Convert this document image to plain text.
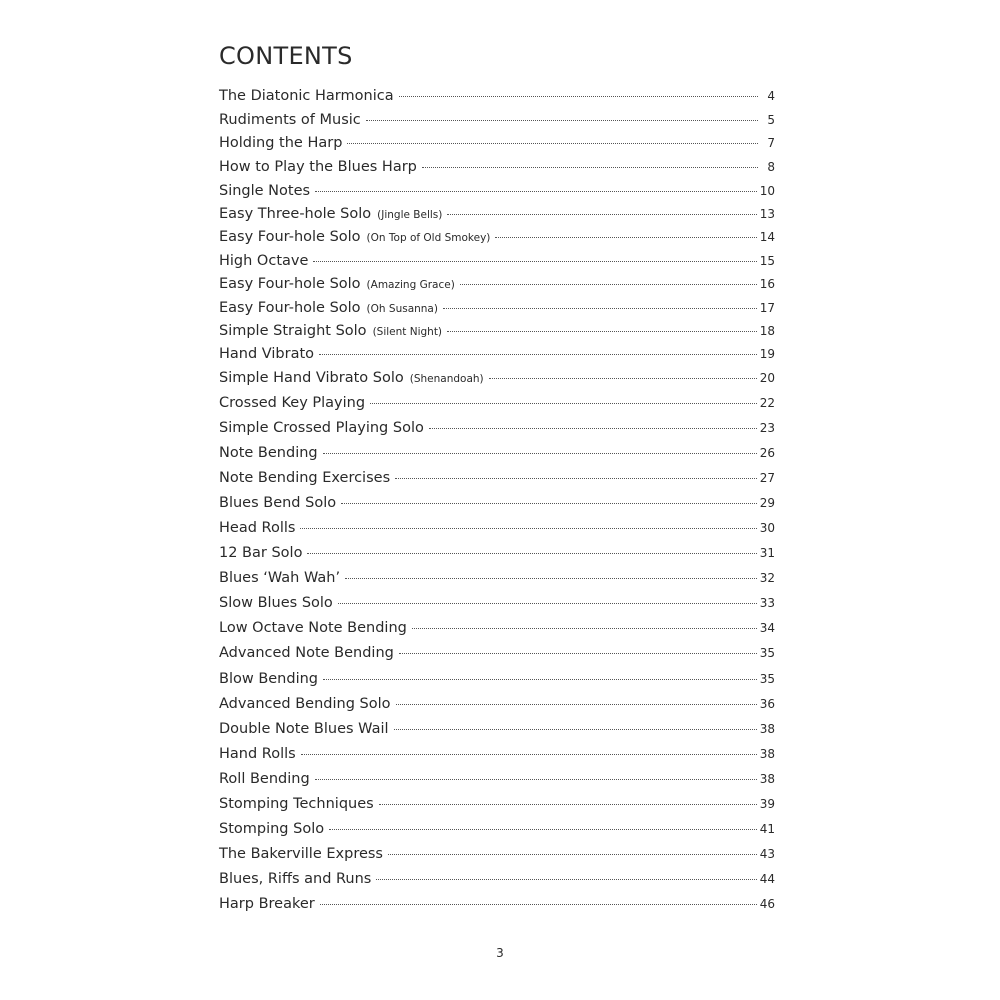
CONTENTS
The Diatonic Harmonica	4
Rudiments of Music	5
Holding the Harp	7
How to Play the Blues Harp	8
Single Notes	10
Easy Three-hole Solo (Jingle Bells)	13
Easy Four-hole Solo (On Top of Old Smokey)	14
High Octave	15
Easy Four-hole Solo (Amazing Grace)	16
Easy Four-hole Solo (Oh Susanna)	17
Simple Straight Solo (Silent Night)	18
Hand Vibrato	19
Simple Hand Vibrato Solo (Shenandoah)	20
Crossed Key Playing	22
Simple Crossed Playing Solo	23
Note Bending	26
Note Bending Exercises	27
Blues Bend Solo	29
Head Rolls	30
12 Bar Solo	31
Blues ‘Wah Wah’	32
Slow Blues Solo	33
Low Octave Note Bending	34
Advanced Note Bending	35
Blow Bending	35
Advanced Bending Solo	36
Double Note Blues Wail	38
Hand Rolls	38
Roll Bending	38
Stomping Techniques	39
Stomping Solo	41
The Bakerville Express	43
Blues, Riffs and Runs	44
Harp Breaker	46
3
